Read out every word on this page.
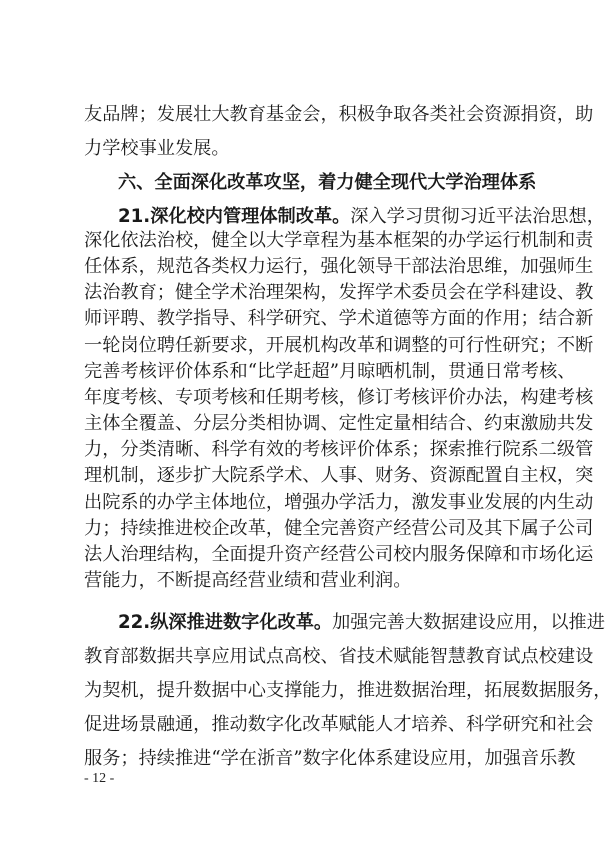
友品牌；发展壮大教育基金会，积极争取各类社会资源捐资，助
力学校事业发展。
六、全面深化改革攻坚，着力健全现代大学治理体系
21.深化校内管理体制改革。深入学习贯彻习近平法治思想，
深化依法治校，健全以大学章程为基本框架的办学运行机制和责
任体系，规范各类权力运行，强化领导干部法治思维，加强师生
法治教育；健全学术治理架构，发挥学术委员会在学科建设、教
师评聘、教学指导、科学研究、学术道德等方面的作用；结合新
一轮岗位聘任新要求，开展机构改革和调整的可行性研究；不断
完善考核评价体系和“比学赶超”月晾晒机制，贯通日常考核、
年度考核、专项考核和任期考核，修订考核评价办法，构建考核
主体全覆盖、分层分类相协调、定性定量相结合、约束激励共发
力，分类清晰、科学有效的考核评价体系；探索推行院系二级管
理机制，逐步扩大院系学术、人事、财务、资源配置自主权，突
出院系的办学主体地位，增强办学活力，激发事业发展的内生动
力；持续推进校企改革，健全完善资产经营公司及其下属子公司
法人治理结构，全面提升资产经营公司校内服务保障和市场化运
营能力，不断提高经营业绩和营业利润。
- 12 -
22.纵深推进数字化改革。加强完善大数据建设应用，以推进
教育部数据共享应用试点高校、省技术赋能智慧教育试点校建设
为契机，提升数据中心支撑能力，推进数据治理，拓展数据服务，
促进场景融通，推动数字化改革赋能人才培养、科学研究和社会
服务；持续推进“学在浙音”数字化体系建设应用，加强音乐教
